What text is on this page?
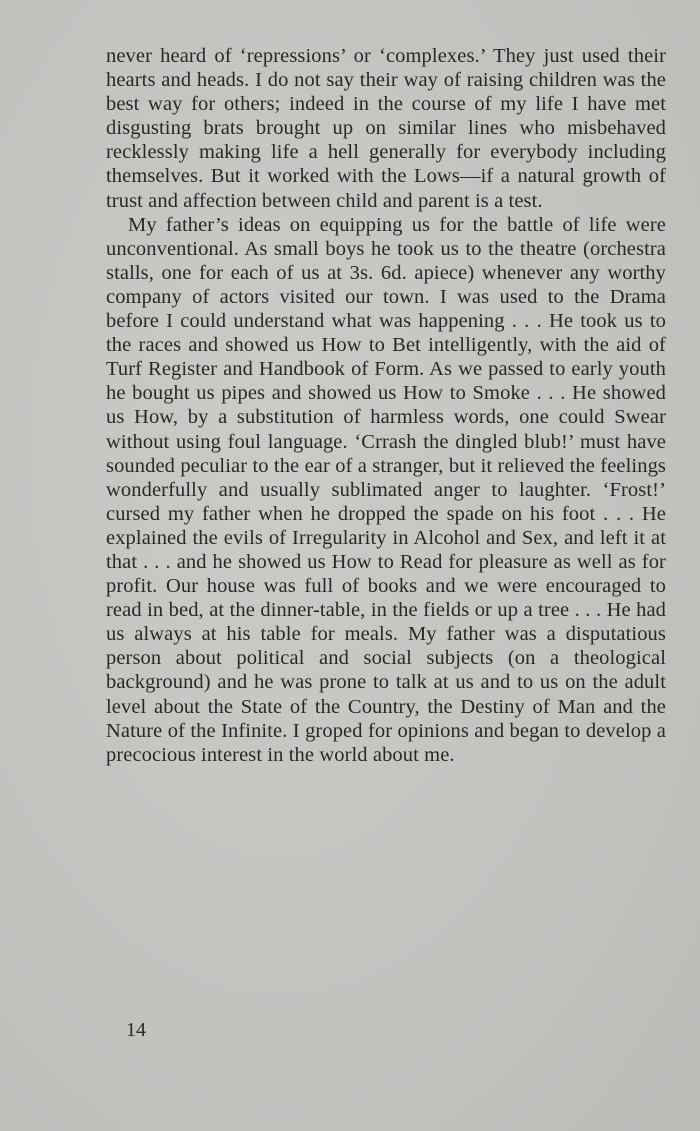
never heard of ‘repressions’ or ‘complexes.’ They just used their hearts and heads. I do not say their way of raising children was the best way for others; indeed in the course of my life I have met disgusting brats brought up on similar lines who misbehaved recklessly making life a hell generally for everybody including themselves. But it worked with the Lows—if a natural growth of trust and affection between child and parent is a test.

My father’s ideas on equipping us for the battle of life were unconventional. As small boys he took us to the theatre (orchestra stalls, one for each of us at 3s. 6d. apiece) whenever any worthy company of actors visited our town. I was used to the Drama before I could understand what was happening . . . He took us to the races and showed us How to Bet intelligently, with the aid of Turf Register and Handbook of Form. As we passed to early youth he bought us pipes and showed us How to Smoke . . . He showed us How, by a substitution of harmless words, one could Swear without using foul language. ‘Crrash the dingled blub!’ must have sounded peculiar to the ear of a stranger, but it relieved the feelings wonderfully and usually sublimated anger to laughter. ‘Frost!’ cursed my father when he dropped the spade on his foot . . . He explained the evils of Irregularity in Alcohol and Sex, and left it at that . . . and he showed us How to Read for pleasure as well as for profit. Our house was full of books and we were encouraged to read in bed, at the dinner-table, in the fields or up a tree . . . He had us always at his table for meals. My father was a disputatious person about political and social subjects (on a theological background) and he was prone to talk at us and to us on the adult level about the State of the Country, the Destiny of Man and the Nature of the Infinite. I groped for opinions and began to develop a precocious interest in the world about me.

14
